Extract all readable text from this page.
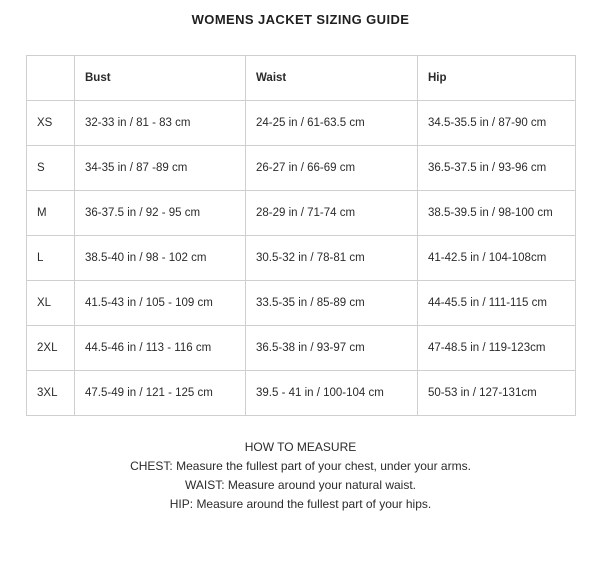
WOMENS JACKET SIZING GUIDE
	Bust	Waist	Hip
XS	32-33 in / 81 - 83 cm	24-25 in / 61-63.5 cm	34.5-35.5 in / 87-90 cm
S	34-35 in / 87 -89 cm	26-27 in / 66-69 cm	36.5-37.5 in / 93-96 cm
M	36-37.5 in / 92 - 95 cm	28-29 in / 71-74 cm	38.5-39.5 in / 98-100 cm
L	38.5-40 in / 98 - 102 cm	30.5-32 in / 78-81 cm	41-42.5 in / 104-108cm
XL	41.5-43 in / 105 - 109 cm	33.5-35 in / 85-89 cm	44-45.5 in / 111-115 cm
2XL	44.5-46 in / 113 - 116 cm	36.5-38 in / 93-97 cm	47-48.5 in / 119-123cm
3XL	47.5-49 in / 121 - 125 cm	39.5 - 41 in / 100-104 cm	50-53 in / 127-131cm
HOW TO MEASURE
CHEST: Measure the fullest part of your chest, under your arms.
WAIST: Measure around your natural waist.
HIP: Measure around the fullest part of your hips.
